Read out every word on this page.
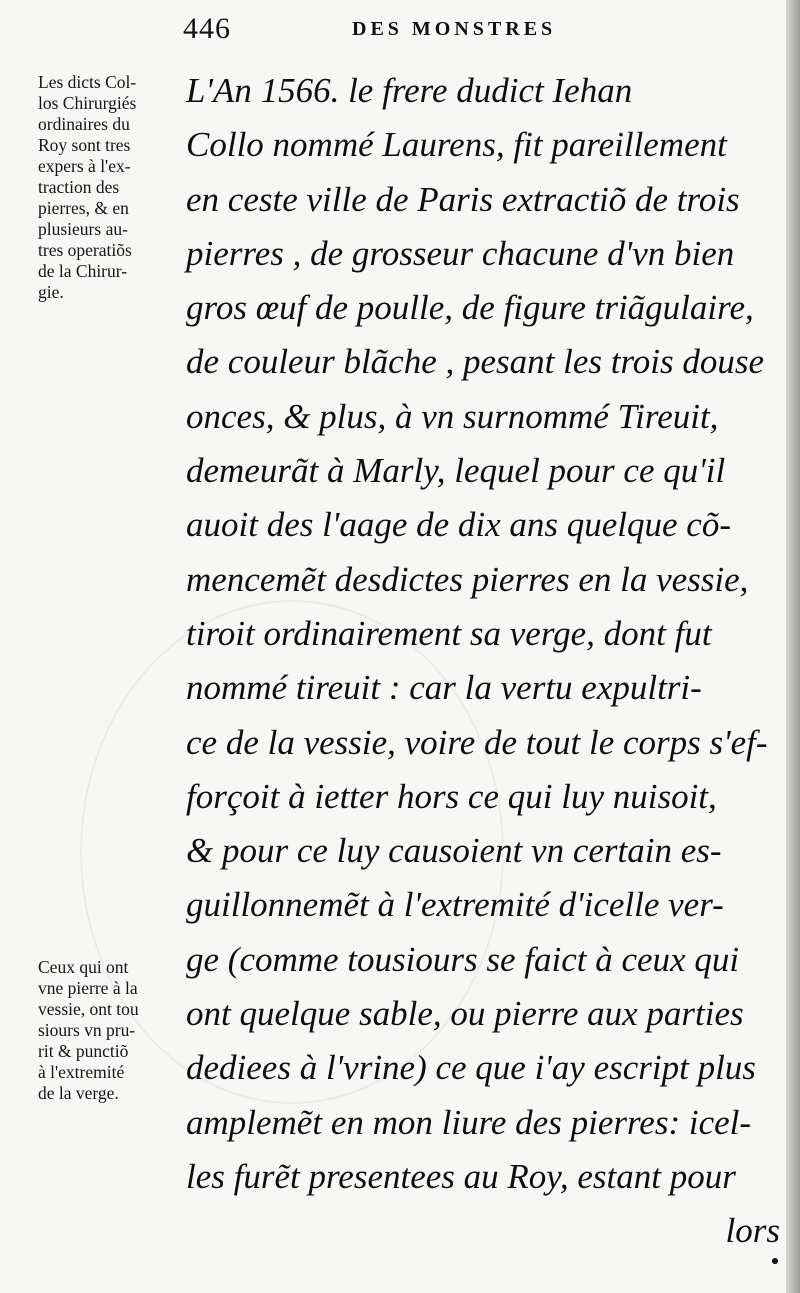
446	DES MONSTRES
Les dicts Col-
los Chirurgiés
ordinaires du
Roy sont tres
expers à l'ex-
traction des
pierres, & en
plusieurs au-
tres operatiõs
de la Chirur-
gie.
Ceux qui ont
vne pierre à la
vessie, ont tou
siours vn pru-
rit & punctiõ
à l'extremité
de la verge.
L'An 1566. le frere dudict Iehan
Collo nommé Laurens, fit pareillement
en ceste ville de Paris extractiõ de trois
pierres , de grosseur chacune d'vn bien
gros œuf de poulle, de figure triãgulaire,
de couleur blãche , pesant les trois douse
onces, & plus, à vn surnommé Tireuit,
demeurãt à Marly, lequel pour ce qu'il
auoit des l'aage de dix ans quelque cõ-
mencemẽt desdictes pierres en la vessie,
tiroit ordinairement sa verge, dont fut
nommé tireuit : car la vertu expultri-
ce de la vessie, voire de tout le corps s'ef-
forçoit à ietter hors ce qui luy nuisoit,
& pour ce luy causoient vn certain es-
guillonnemẽt à l'extremité d'icelle ver-
ge (comme tousiours se faict à ceux qui
ont quelque sable, ou pierre aux parties
dediees à l'vrine) ce que i'ay escript plus
amplemẽt en mon liure des pierres: icel-
les furẽt presentees au Roy, estant pour
lors
